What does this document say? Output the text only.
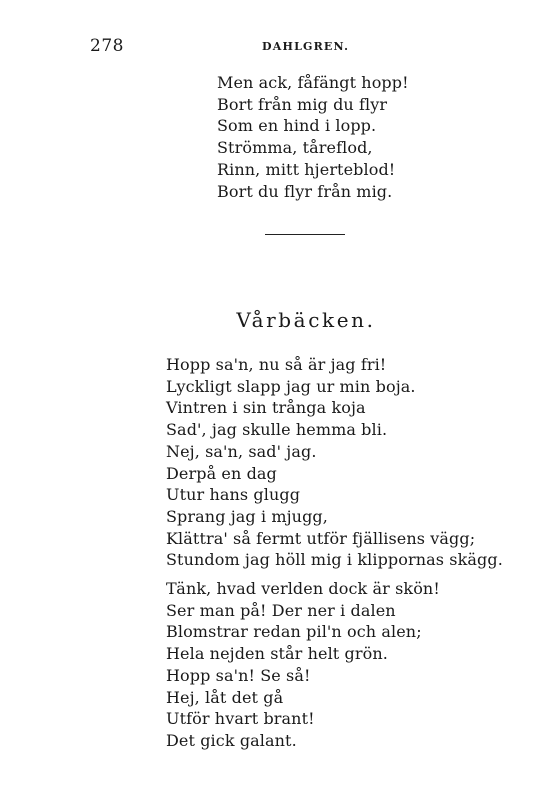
278	DAHLGREN.
Men ack, fåfängt hopp!
Bort från mig du flyr
Som en hind i lopp.
Strömma, tåreflod,
Rinn, mitt hjerteblod!
Bort du flyr från mig.
Vårbäcken.
Hopp sa'n, nu så är jag fri!
Lyckligt slapp jag ur min boja.
Vintren i sin trånga koja
Sad', jag skulle hemma bli.
Nej, sa'n, sad' jag.
Derpå en dag
Utur hans glugg
Sprang jag i mjugg,
Klättra' så fermt utför fjällisens vägg;
Stundom jag höll mig i klippornas skägg.
Tänk, hvad verlden dock är skön!
Ser man på! Der ner i dalen
Blomstrar redan pil'n och alen;
Hela nejden står helt grön.
Hopp sa'n! Se så!
Hej, låt det gå
Utför hvart brant!
Det gick galant.
